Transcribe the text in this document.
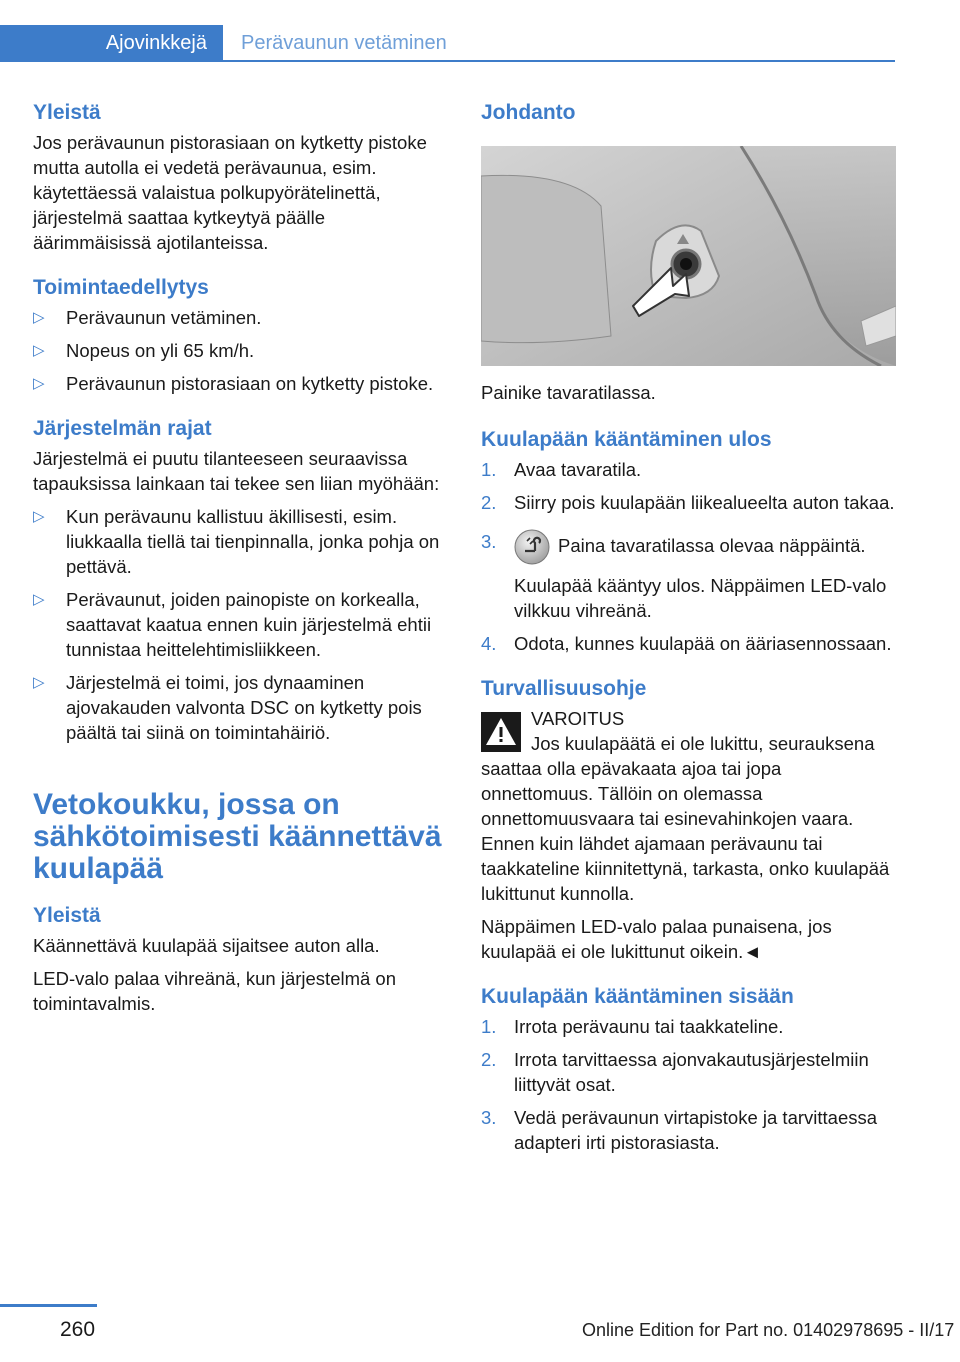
Ajovinkkejä	Perävaunun vetäminen
Yleistä

Jos perävaunun pistorasiaan on kytketty pistoke mutta autolla ei vedetä perävaunua, esim. käytettäessä valaistua polkupyörätelinettä, järjestelmä saattaa kytkeytyä päälle äärimmäisissä ajotilanteissa.

Toimintaedellytys
▷ Perävaunun vetäminen.
▷ Nopeus on yli 65 km/h.
▷ Perävaunun pistorasiaan on kytketty pistoke.
Järjestelmän rajat

Järjestelmä ei puutu tilanteeseen seuraavissa tapauksissa lainkaan tai tekee sen liian myöhään:

▷ Kun perävaunu kallistuu äkillisesti, esim. liukkaalla tiellä tai tienpinnalla, jonka pohja on pettävä.
▷ Perävaunut, joiden painopiste on korkealla, saattavat kaatua ennen kuin järjestelmä ehtii tunnistaa heittelehtimisliikkeen.
▷ Järjestelmä ei toimi, jos dynaaminen ajovakauden valvonta DSC on kytketty pois päältä tai siinä on toimintahäiriö.
Vetokoukku, jossa on sähkötoimisesti käännettävä kuulapää
Yleistä

Käännettävä kuulapää sijaitsee auton alla.

LED-valo palaa vihreänä, kun järjestelmä on toimintavalmis.

Johdanto

Painike tavaratilassa.

Kuulapään kääntäminen ulos
1. Avaa tavaratila.
2. Siirry pois kuulapään liikealueelta auton takaa.
3.	Paina tavaratilassa olevaa näppäintä.
Kuulapää kääntyy ulos. Näppäimen LED-valo vilkkuu vihreänä.
4. Odota, kunnes kuulapää on ääriasennossaan.
Turvallisuusohje

VAROITUS

Jos kuulapäätä ei ole lukittu, seurauksena saattaa olla epävakaata ajoa tai jopa onnettomuus. Tällöin on olemassa onnettomuusvaara tai esinevahinkojen vaara. Ennen kuin lähdet ajamaan perävaunu tai taakkateline kiinnitettynä, tarkasta, onko kuulapää lukittunut kunnolla.

Näppäimen LED-valo palaa punaisena, jos kuulapää ei ole lukittunut oikein.◄

Kuulapään kääntäminen sisään
1. Irrota perävaunu tai taakkateline.
2. Irrota tarvittaessa ajonvakautusjärjestelmiin liittyvät osat.
3. Vedä perävaunun virtapistoke ja tarvittaessa adapteri irti pistorasiasta.
260	Online Edition for Part no. 01402978695 - II/17
